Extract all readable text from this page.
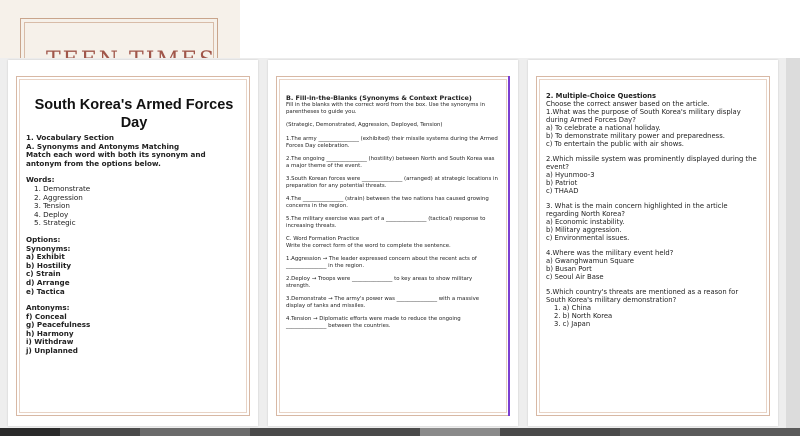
South Korea's Armed Forces Day
1. Vocabulary Section
A. Synonyms and Antonyms Matching
Match each word with both its synonym and antonym from the options below.
Words:
1. Demonstrate
2. Aggression
3. Tension
4. Deploy
5. Strategic
Options:
Synonyms:
a) Exhibit
b) Hostility
c) Strain
d) Arrange
e) Tactica
Antonyms:
f) Conceal
g) Peacefulness
h) Harmony
i) Withdraw
j) Unplanned
B. Fill-in-the-Blanks (Synonyms & Context Practice)
Fill in the blanks with the correct word from the box. Use the synonyms in parentheses to guide you.
(Strategic, Demonstrated, Aggression, Deployed, Tension)
1.The army _______________ (exhibited) their missile systems during the Armed Forces Day celebration.
2.The ongoing _______________ (hostility) between North and South Korea was a major theme of the event.
3.South Korean forces were _______________ (arranged) at strategic locations in preparation for any potential threats.
4.The _______________ (strain) between the two nations has caused growing concerns in the region.
5.The military exercise was part of a _______________ (tactical) response to increasing threats.
C. Word Formation Practice
Write the correct form of the word to complete the sentence.
1.Aggression → The leader expressed concern about the recent acts of _______________ in the region.
2.Deploy → Troops were _______________ to key areas to show military strength.
3.Demonstrate → The army's power was _______________ with a massive display of tanks and missiles.
4.Tension → Diplomatic efforts were made to reduce the ongoing _______________ between the countries.
2. Multiple-Choice Questions
Choose the correct answer based on the article.
1.What was the purpose of South Korea's military display during Armed Forces Day?
a) To celebrate a national holiday.
b) To demonstrate military power and preparedness.
c) To entertain the public with air shows.
2.Which missile system was prominently displayed during the event?
a) Hyunmoo-3
b) Patriot
c) THAAD
3. What is the main concern highlighted in the article regarding North Korea?
a) Economic instability.
b) Military aggression.
c) Environmental issues.
4.Where was the military event held?
a) Gwanghwamun Square
b) Busan Port
c) Seoul Air Base
5.Which country's threats are mentioned as a reason for South Korea's military demonstration?
1. a) China
2. b) North Korea
3. c) Japan
